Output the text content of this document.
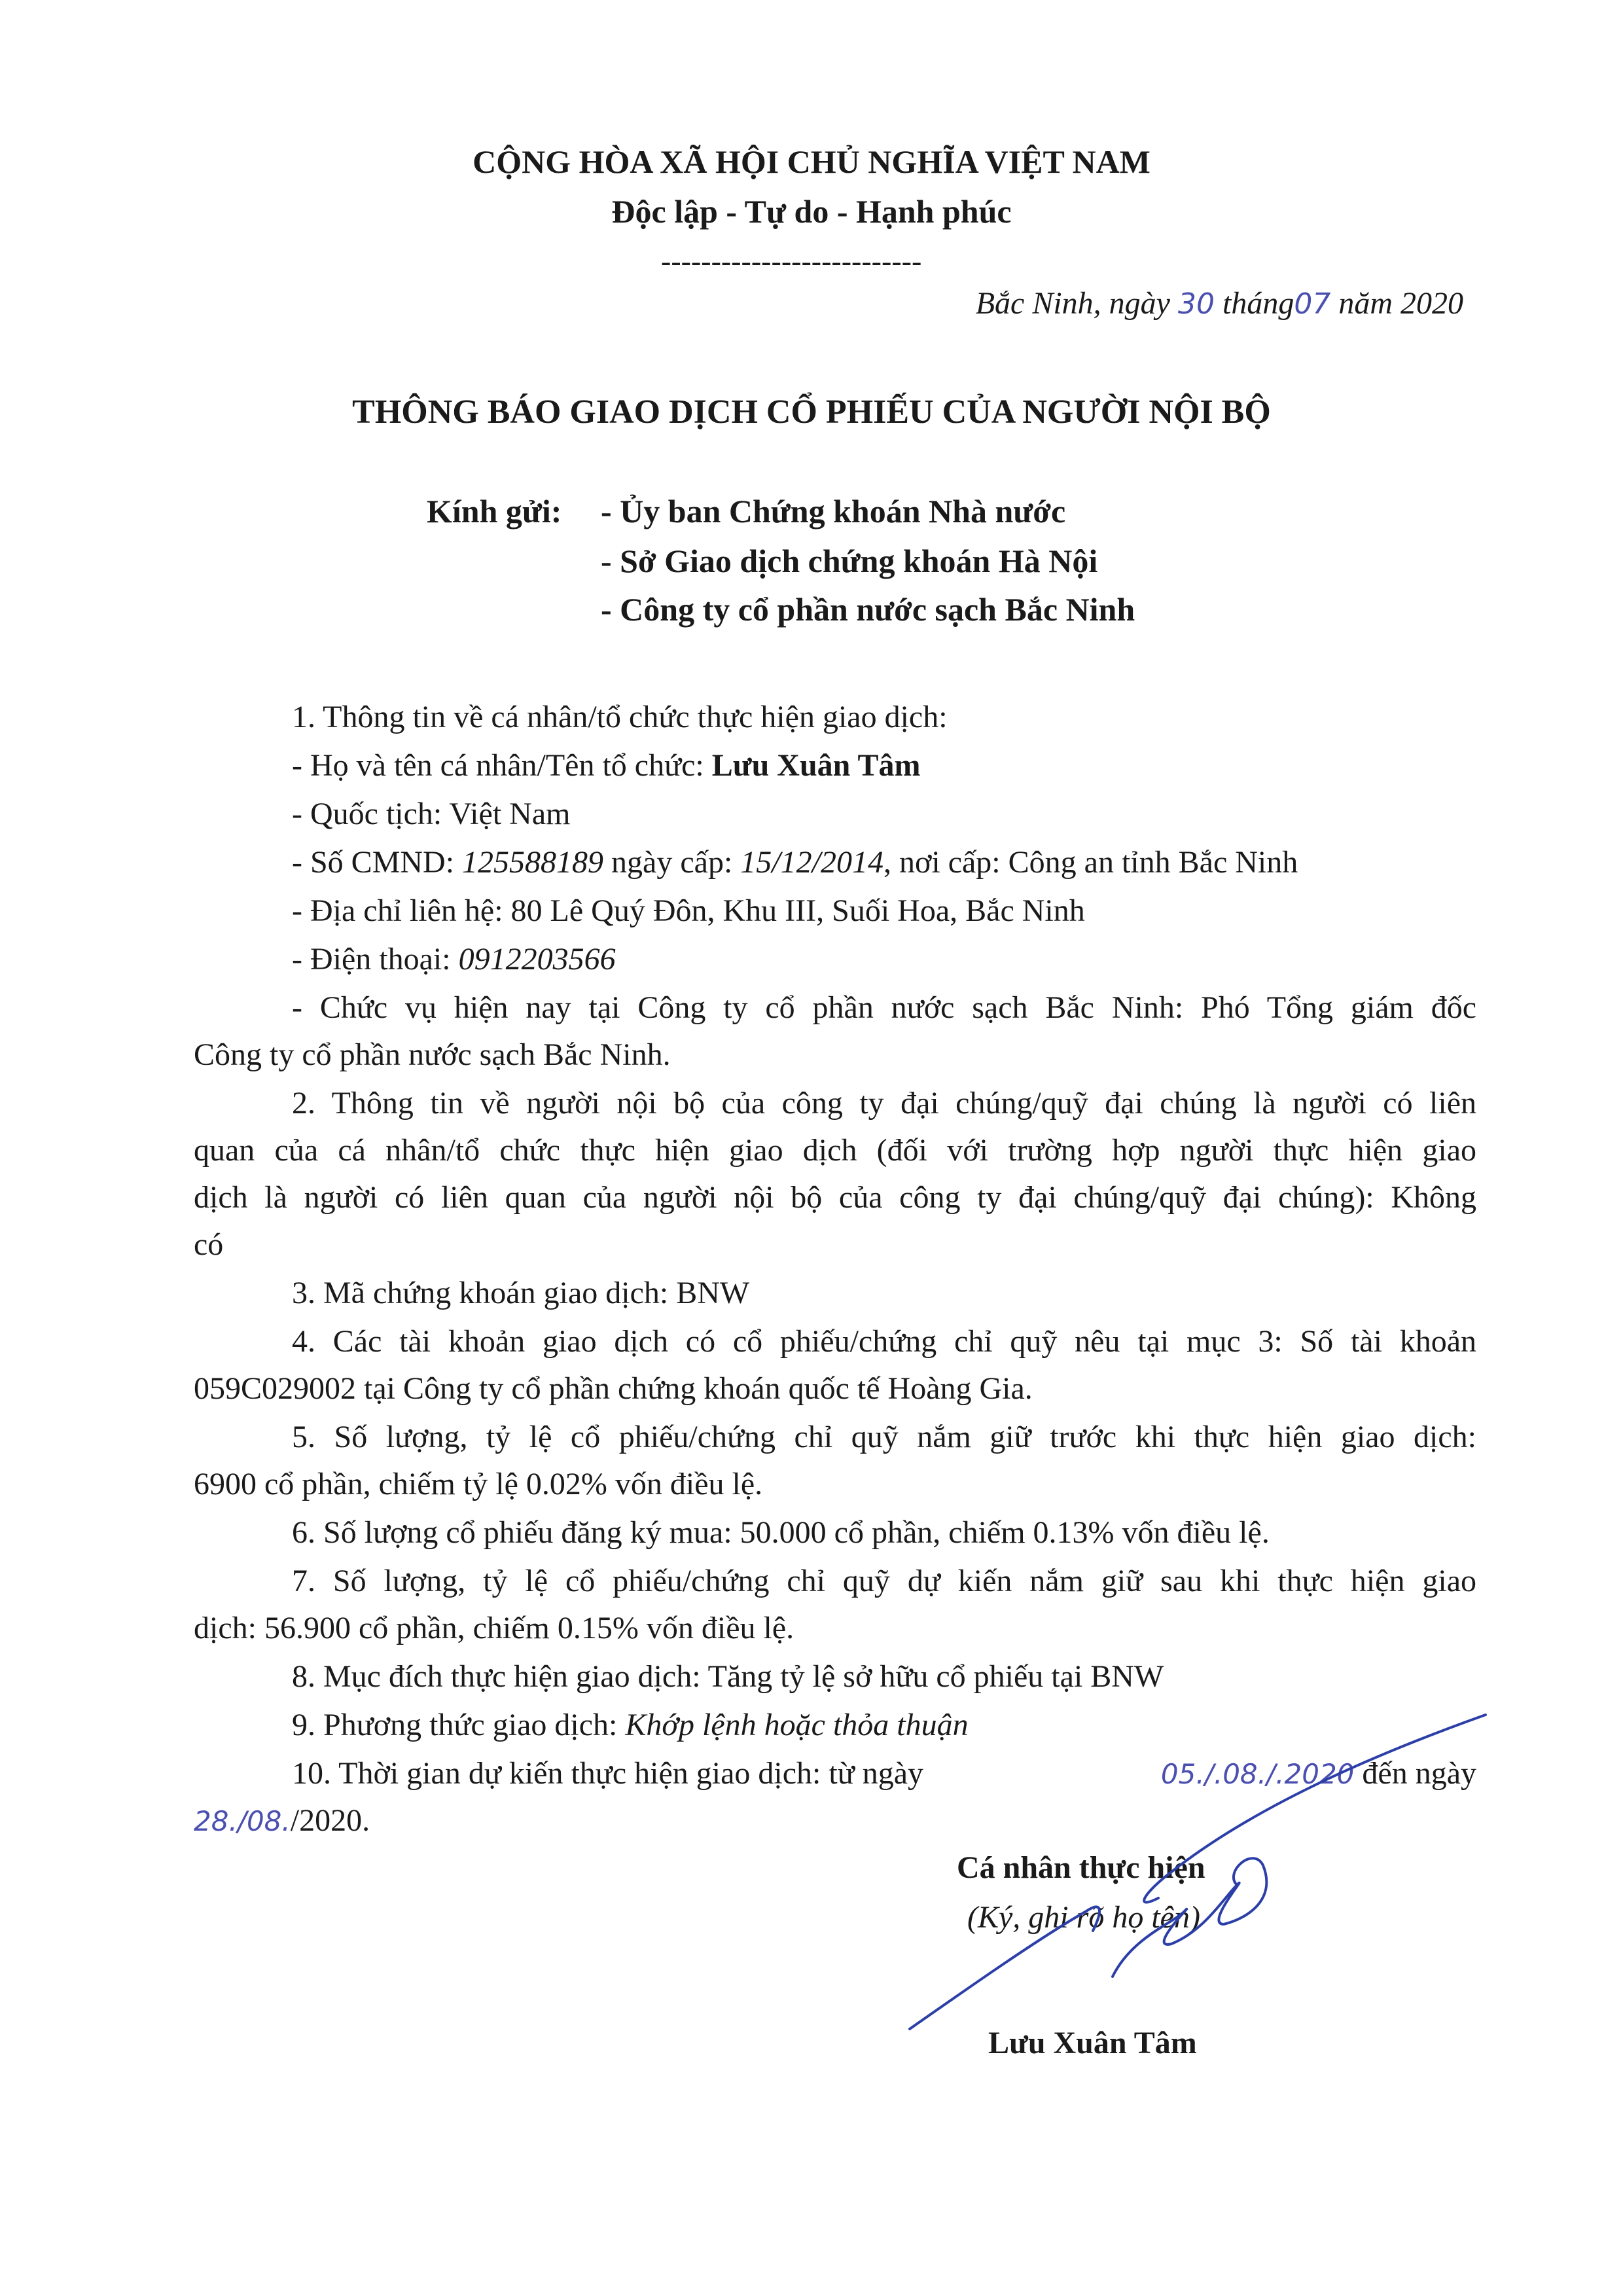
CỘNG HÒA XÃ HỘI CHỦ NGHĨA VIỆT NAM
Độc lập - Tự do - Hạnh phúc
--------------------------
Bắc Ninh, ngày 30 tháng07 năm 2020
THÔNG BÁO GIAO DỊCH CỔ PHIẾU CỦA NGƯỜI NỘI BỘ
Kính gửi: - Ủy ban Chứng khoán Nhà nước
- Sở Giao dịch chứng khoán Hà Nội
- Công ty cổ phần nước sạch Bắc Ninh
1. Thông tin về cá nhân/tổ chức thực hiện giao dịch:
- Họ và tên cá nhân/Tên tổ chức: Lưu Xuân Tâm
- Quốc tịch: Việt Nam
- Số CMND: 125588189 ngày cấp: 15/12/2014, nơi cấp: Công an tỉnh Bắc Ninh
- Địa chỉ liên hệ: 80 Lê Quý Đôn, Khu III, Suối Hoa, Bắc Ninh
- Điện thoại: 0912203566
- Chức vụ hiện nay tại Công ty cổ phần nước sạch Bắc Ninh: Phó Tổng giám đốc
Công ty cổ phần nước sạch Bắc Ninh.
2. Thông tin về người nội bộ của công ty đại chúng/quỹ đại chúng là người có liên
quan của cá nhân/tổ chức thực hiện giao dịch (đối với trường hợp người thực hiện giao
dịch là người có liên quan của người nội bộ của công ty đại chúng/quỹ đại chúng): Không
có
3. Mã chứng khoán giao dịch: BNW
4. Các tài khoản giao dịch có cổ phiếu/chứng chỉ quỹ nêu tại mục 3: Số tài khoản
059C029002 tại Công ty cổ phần chứng khoán quốc tế Hoàng Gia.
5. Số lượng, tỷ lệ cổ phiếu/chứng chỉ quỹ nắm giữ trước khi thực hiện giao dịch:
6900 cổ phần, chiếm tỷ lệ 0.02% vốn điều lệ.
6. Số lượng cổ phiếu đăng ký mua: 50.000 cổ phần, chiếm 0.13% vốn điều lệ.
7. Số lượng, tỷ lệ cổ phiếu/chứng chỉ quỹ dự kiến nắm giữ sau khi thực hiện giao
dịch: 56.900 cổ phần, chiếm 0.15% vốn điều lệ.
8. Mục đích thực hiện giao dịch: Tăng tỷ lệ sở hữu cổ phiếu tại BNW
9. Phương thức giao dịch: Khớp lệnh hoặc thỏa thuận
10. Thời gian dự kiến thực hiện giao dịch: từ ngày	05./.08./.2020 đến ngày
28./08./2020.
Cá nhân thực hiện
(Ký, ghi rõ họ tên)
Lưu Xuân Tâm
